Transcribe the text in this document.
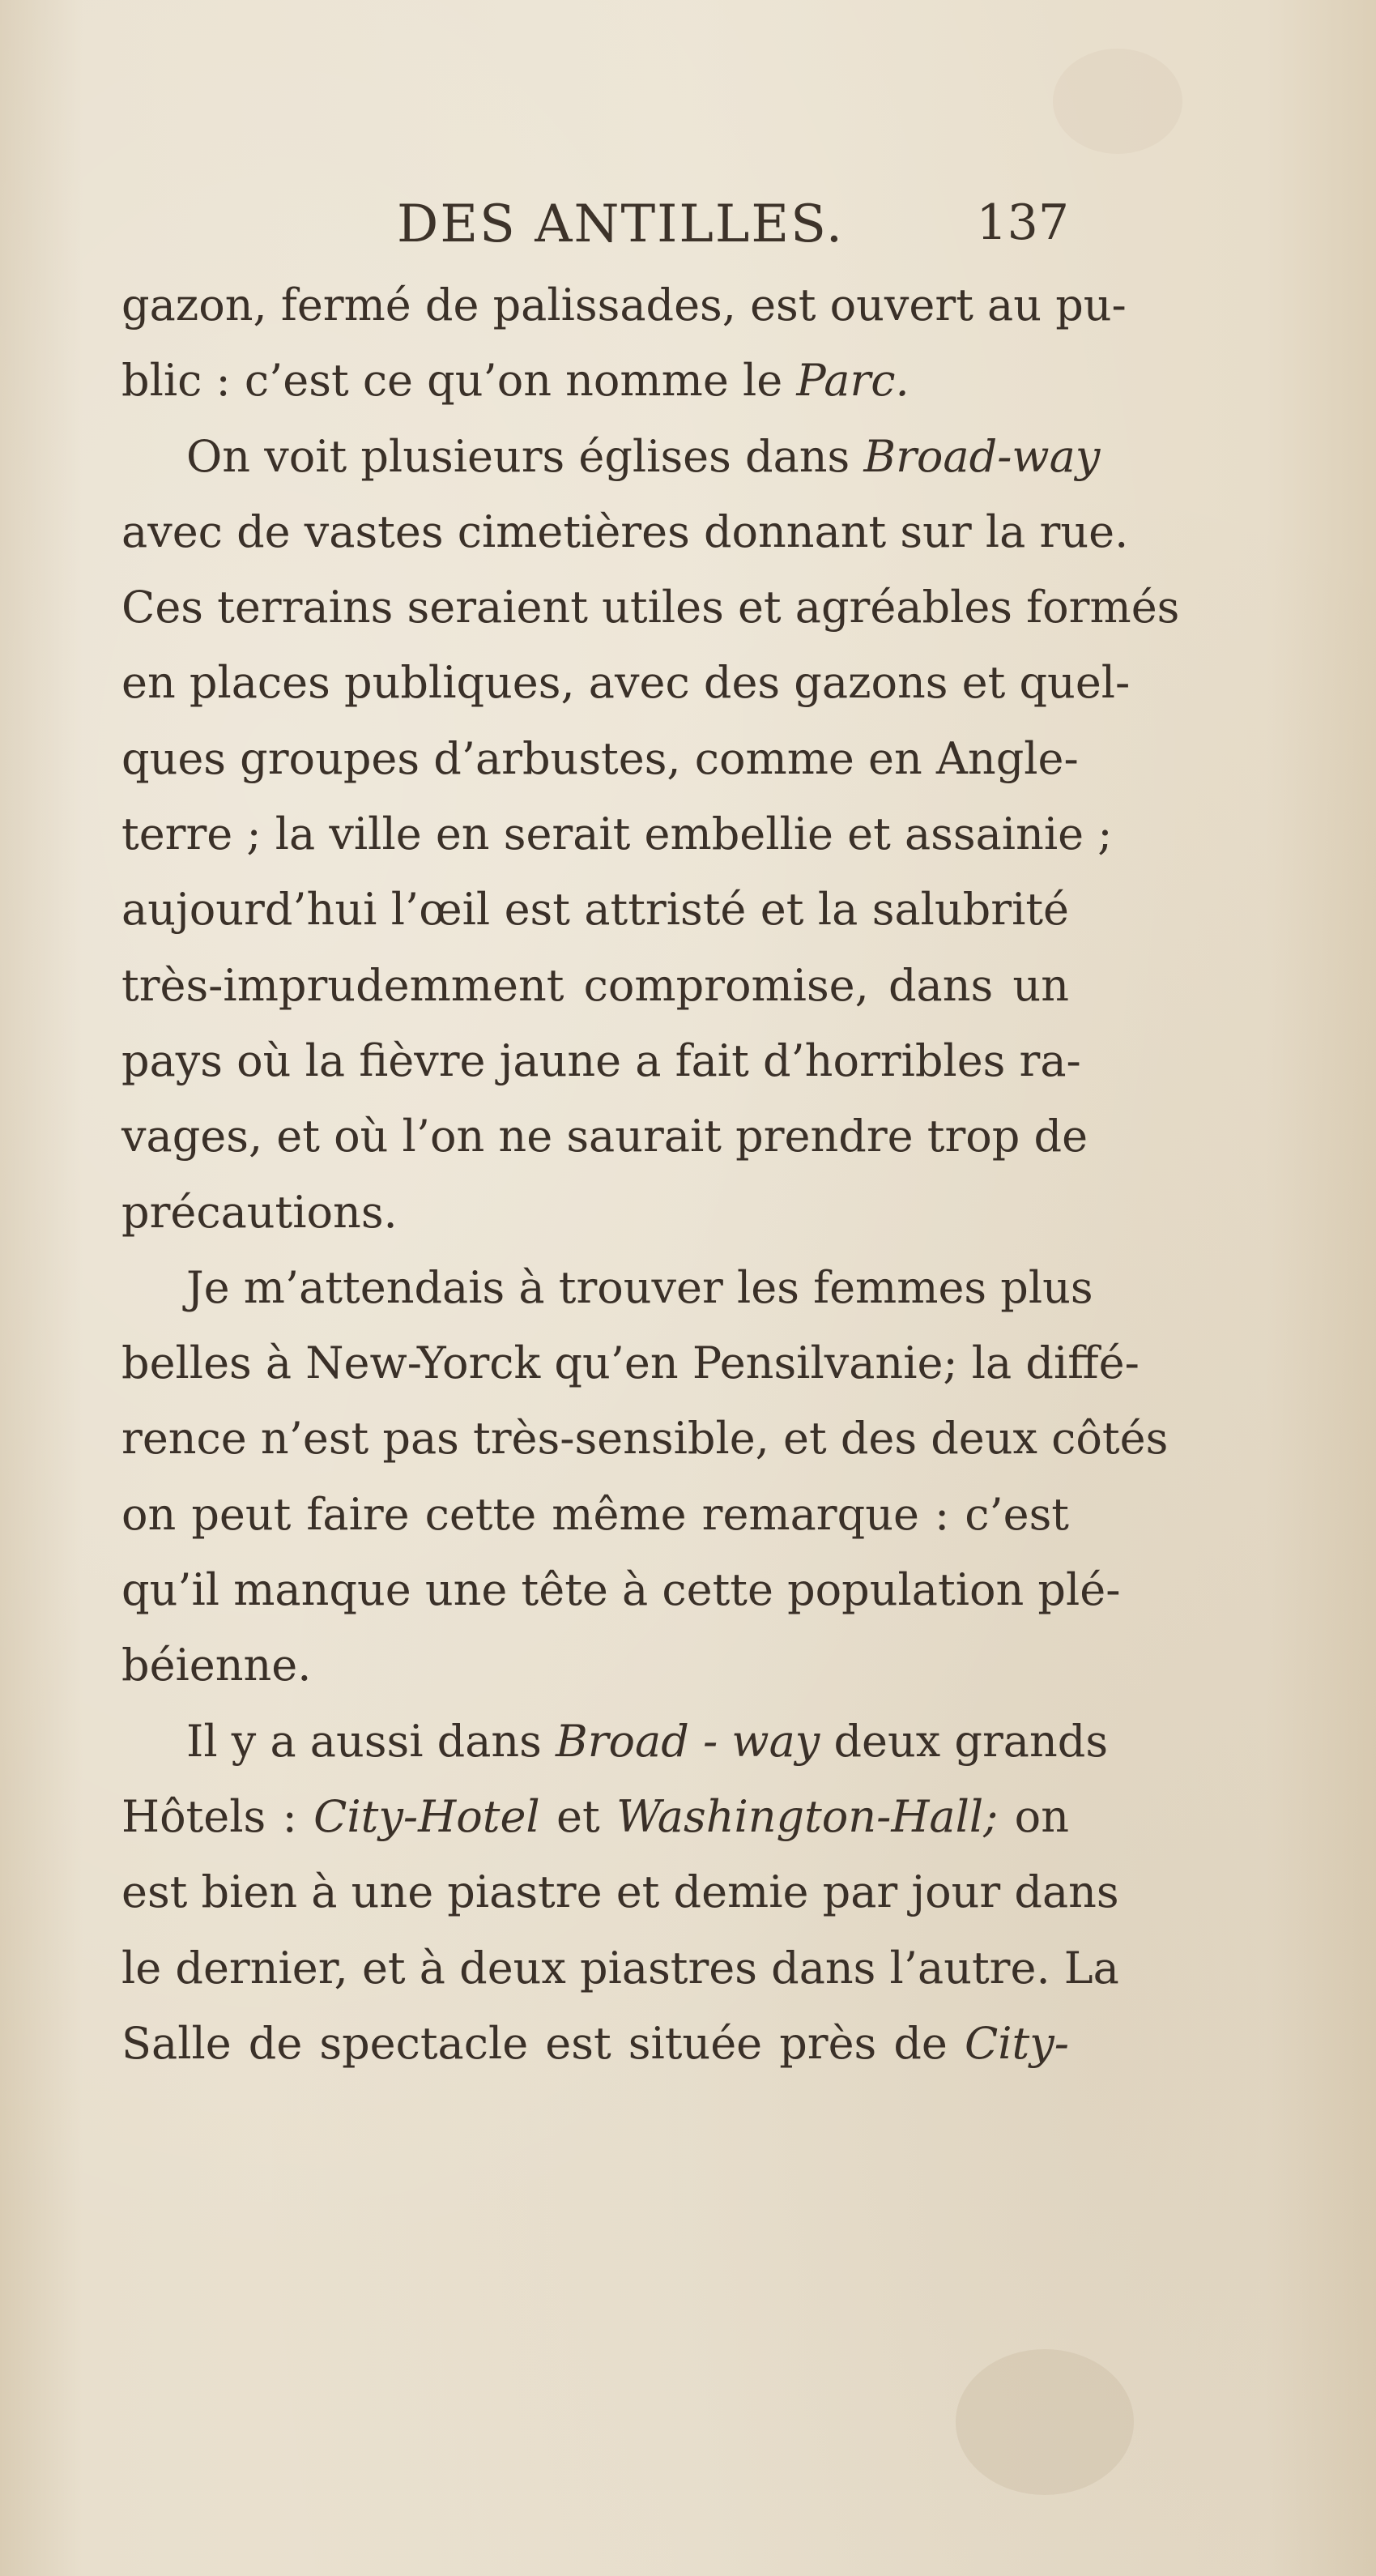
DES ANTILLES.	137
gazon, fermé de palissades, est ouvert au pu-
blic : c’est ce qu’on nomme le Parc.
On voit plusieurs églises dans Broad-way
avec de vastes cimetières donnant sur la rue.
Ces terrains seraient utiles et agréables formés
en places publiques, avec des gazons et quel-
ques groupes d’arbustes, comme en Angle-
terre ; la ville en serait embellie et assainie ;
aujourd’hui l’œil est attristé et la salubrité
très-imprudemment compromise, dans un
pays où la fièvre jaune a fait d’horribles ra-
vages, et où l’on ne saurait prendre trop de
précautions.
Je m’attendais à trouver les femmes plus
belles à New-Yorck qu’en Pensilvanie; la diffé-
rence n’est pas très-sensible, et des deux côtés
on peut faire cette même remarque : c’est
qu’il manque une tête à cette population plé-
béienne.
Il y a aussi dans Broad - way deux grands
Hôtels : City-Hotel et Washington-Hall; on
est bien à une piastre et demie par jour dans
le dernier, et à deux piastres dans l’autre. La
Salle de spectacle est située près de City-
